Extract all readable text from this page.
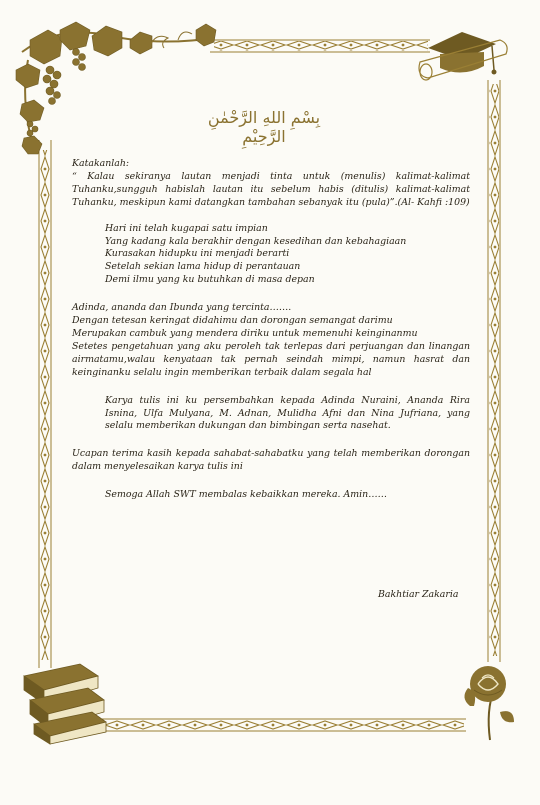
بِسْمِ اللهِ الرَّحْمٰنِ الرَّحِيْمِ

Katakanlah:

“ Kalau sekiranya lautan menjadi tinta untuk (menulis) kalimat-kalimat Tuhanku,sungguh habislah lautan itu sebelum habis (ditulis) kalimat-kalimat Tuhanku, meskipun kami datangkan tambahan sebanyak itu (pula)”.(Al- Kahfi :109)

Hari ini telah kugapai satu impian

Yang kadang kala berakhir dengan kesedihan dan kebahagiaan

Kurasakan hidupku ini menjadi berarti

Setelah sekian lama hidup di perantauan

Demi ilmu yang ku butuhkan di masa depan

Adinda, ananda dan Ibunda yang tercinta…….

Dengan tetesan keringat didahimu dan dorongan semangat darimu

Merupakan cambuk yang mendera diriku untuk memenuhi keinginanmu

Setetes pengetahuan yang aku peroleh tak terlepas dari perjuangan dan linangan airmatamu,walau kenyataan tak pernah seindah mimpi, namun hasrat dan keinginanku selalu ingin memberikan terbaik dalam segala hal

Karya tulis ini ku persembahkan kepada Adinda Nuraini, Ananda Rira Isnina, Ulfa Mulyana, M. Adnan, Mulidha Afni dan Nina Jufriana, yang selalu memberikan dukungan dan bimbingan serta nasehat.

Ucapan terima kasih kepada sahabat-sahabatku yang telah memberikan dorongan dalam menyelesaikan karya tulis ini

Semoga Allah SWT membalas kebaikkan mereka. Amin……

Bakhtiar Zakaria
